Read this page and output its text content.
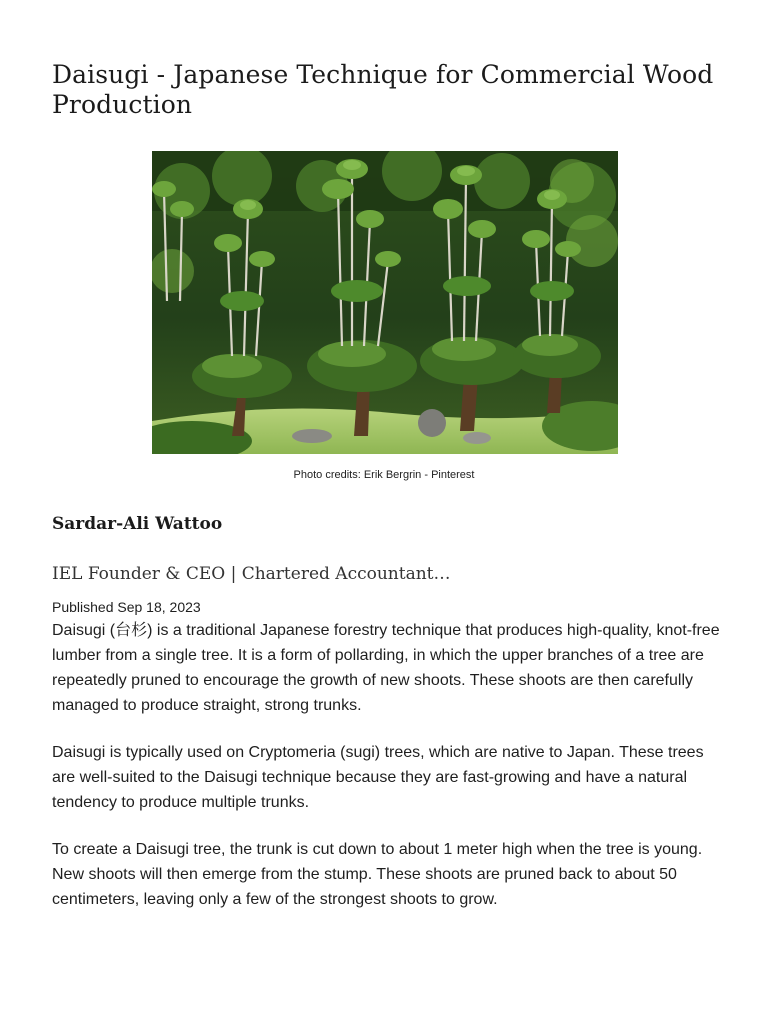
Daisugi - Japanese Technique for Commercial Wood Production
Photo credits: Erik Bergrin - Pinterest
Sardar-Ali Wattoo
IEL Founder & CEO | Chartered Accountant…
Published Sep 18, 2023

Daisugi (台杉) is a traditional Japanese forestry technique that produces high-quality, knot-free lumber from a single tree. It is a form of pollarding, in which the upper branches of a tree are repeatedly pruned to encourage the growth of new shoots. These shoots are then carefully managed to produce straight, strong trunks.

Daisugi is typically used on Cryptomeria (sugi) trees, which are native to Japan. These trees are well-suited to the Daisugi technique because they are fast-growing and have a natural tendency to produce multiple trunks.

To create a Daisugi tree, the trunk is cut down to about 1 meter high when the tree is young. New shoots will then emerge from the stump. These shoots are pruned back to about 50 centimeters, leaving only a few of the strongest shoots to grow.
